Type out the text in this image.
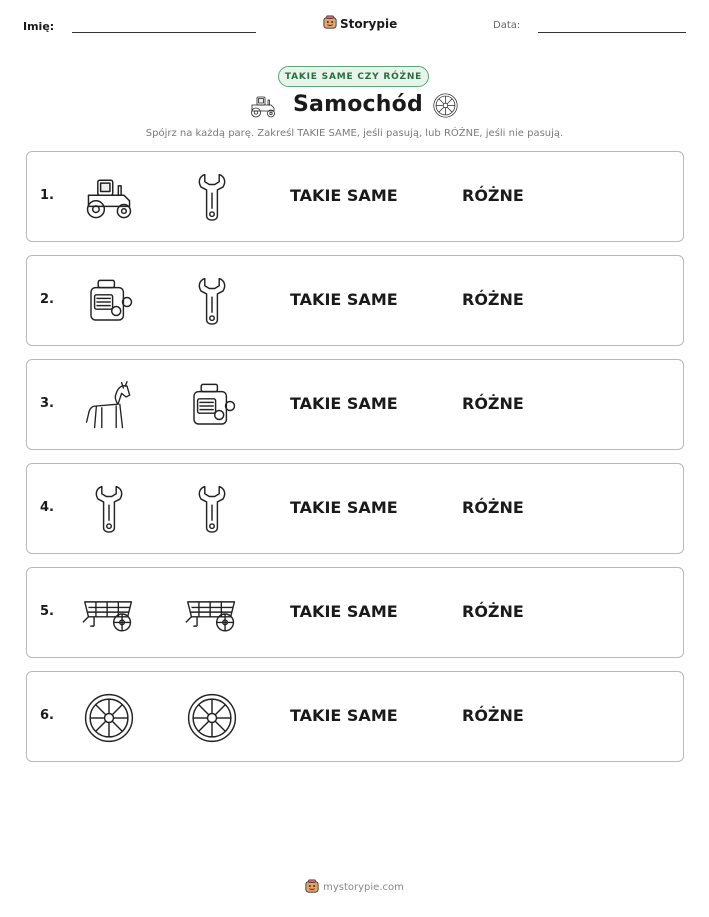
Imię:	Storypie	Data:
TAKIE SAME CZY RÓŻNE
Samochód
Spójrz na każdą parę. Zakreśl TAKIE SAME, jeśli pasują, lub RÓŻNE, jeśli nie pasują.
1.	TAKIE SAME	RÓŻNE
2.	TAKIE SAME	RÓŻNE
3.	TAKIE SAME	RÓŻNE
4.	TAKIE SAME	RÓŻNE
5.	TAKIE SAME	RÓŻNE
6.	TAKIE SAME	RÓŻNE
mystorypie.com
